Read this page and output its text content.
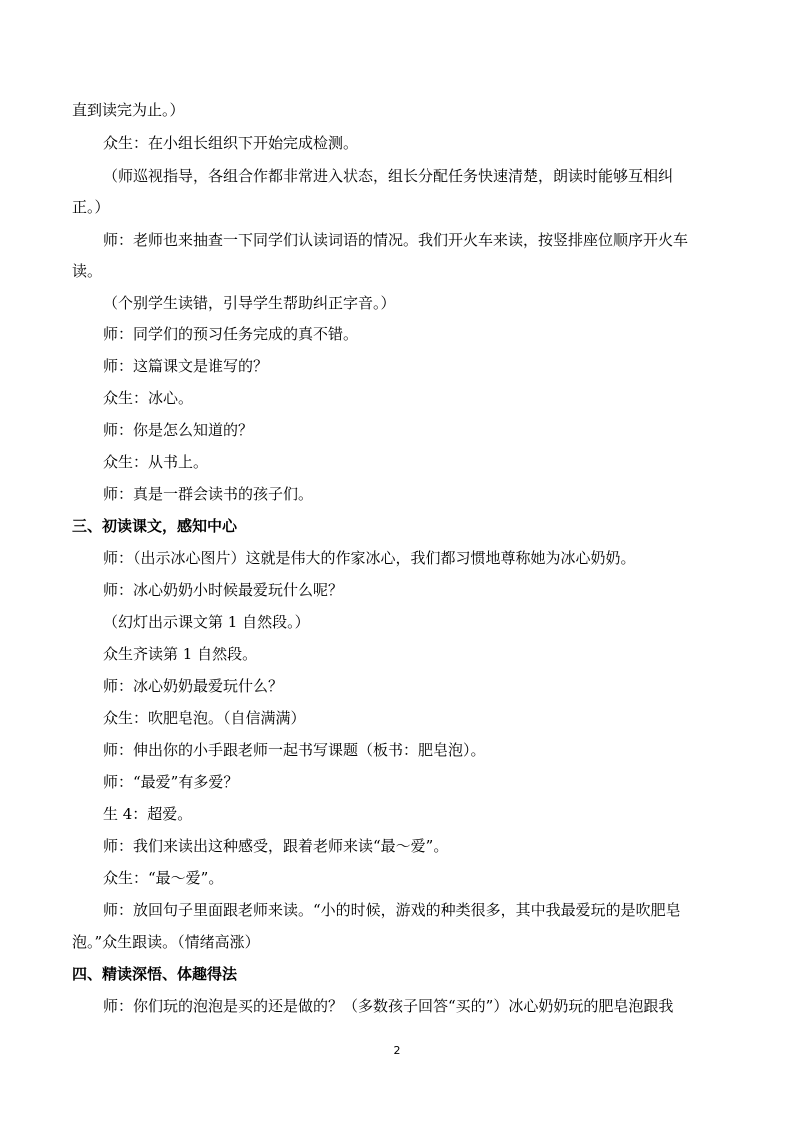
直到读完为止。）
众生：在小组长组织下开始完成检测。
（师巡视指导，各组合作都非常进入状态，组长分配任务快速清楚，朗读时能够互相纠
正。）
师：老师也来抽查一下同学们认读词语的情况。我们开火车来读，按竖排座位顺序开火车
读。
（个别学生读错，引导学生帮助纠正字音。）
师：同学们的预习任务完成的真不错。
师：这篇课文是谁写的？
众生：冰心。
师：你是怎么知道的？
众生：从书上。
师：真是一群会读书的孩子们。
三、初读课文，感知中心
师：（出示冰心图片）这就是伟大的作家冰心，我们都习惯地尊称她为冰心奶奶。
师：冰心奶奶小时候最爱玩什么呢？
（幻灯出示课文第 1 自然段。）
众生齐读第 1 自然段。
师：冰心奶奶最爱玩什么？
众生：吹肥皂泡。（自信满满）
师：伸出你的小手跟老师一起书写课题（板书：肥皂泡）。
师：“最爱”有多爱？
生 4：超爱。
师：我们来读出这种感受，跟着老师来读“最～爱”。
众生：“最～爱”。
师：放回句子里面跟老师来读。“小的时候，游戏的种类很多，其中我最爱玩的是吹肥皂
泡。”众生跟读。（情绪高涨）
四、精读深悟、体趣得法
师：你们玩的泡泡是买的还是做的？（多数孩子回答“买的”）冰心奶奶玩的肥皂泡跟我
2
